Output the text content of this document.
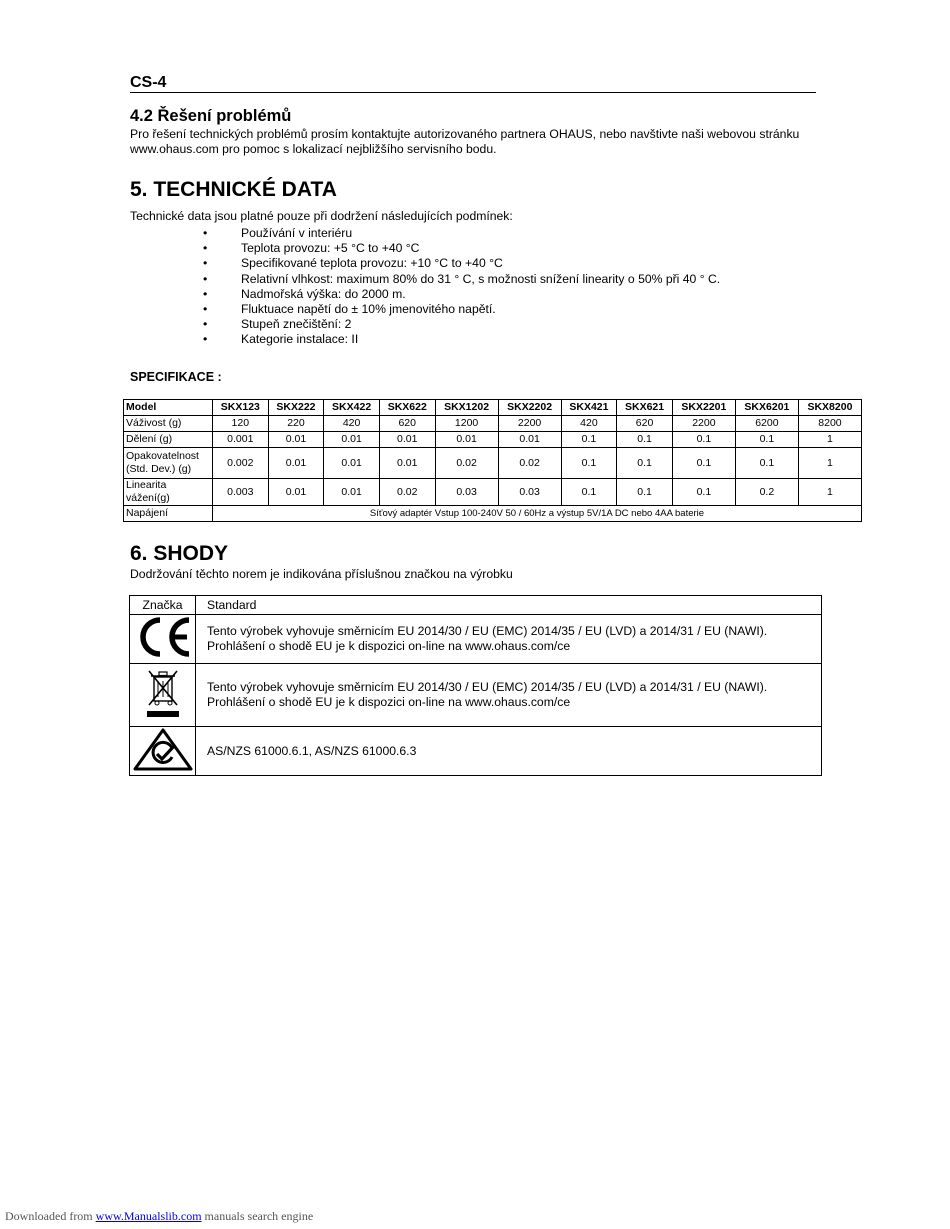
CS-4
4.2 Řešení problémů
Pro řešení technických problémů prosím kontaktujte autorizovaného partnera OHAUS, nebo navštivte naši webovou stránku www.ohaus.com pro pomoc s lokalizací nejbližšího servisního bodu.
5. TECHNICKÉ DATA
Technické data jsou platné pouze při dodržení následujících podmínek:
•	Používání v interiéru
•	Teplota provozu: +5 °C to +40 °C
•	Specifikované teplota provozu: +10 °C to +40 °C
•	Relativní vlhkost: maximum 80% do 31 ° C, s možnosti snížení linearity o 50% při 40 ° C.
•	Nadmořská výška: do 2000 m.
•	Fluktuace napětí do ± 10% jmenovitého napětí.
•	Stupeň znečištění: 2
•	Kategorie instalace: II
SPECIFIKACE :
Model	SKX123	SKX222	SKX422	SKX622	SKX1202	SKX2202	SKX421	SKX621	SKX2201	SKX6201	SKX8200
Váživost (g)	120	220	420	620	1200	2200	420	620	2200	6200	8200
Dělení (g)	0.001	0.01	0.01	0.01	0.01	0.01	0.1	0.1	0.1	0.1	1
Opakovatelnost (Std. Dev.) (g)	0.002	0.01	0.01	0.01	0.02	0.02	0.1	0.1	0.1	0.1	1
Linearita vážení(g)	0.003	0.01	0.01	0.02	0.03	0.03	0.1	0.1	0.1	0.2	1
Napájení	Síťový adaptér Vstup 100-240V 50 / 60Hz a výstup 5V/1A DC nebo 4AA baterie										
6. SHODY
Dodržování těchto norem je indikována příslušnou značkou na výrobku
Značka	Standard

Tento výrobek vyhovuje směrnicím EU 2014/30 / EU (EMC) 2014/35 / EU (LVD) a 2014/31 / EU (NAWI).
Prohlášení o shodě EU je k dispozici on-line na www.ohaus.com/ce

Tento výrobek vyhovuje směrnicím EU 2014/30 / EU (EMC) 2014/35 / EU (LVD) a 2014/31 / EU (NAWI).
Prohlášení o shodě EU je k dispozici on-line na www.ohaus.com/ce

AS/NZS 61000.6.1, AS/NZS 61000.6.3
Downloaded from www.Manualslib.com manuals search engine
